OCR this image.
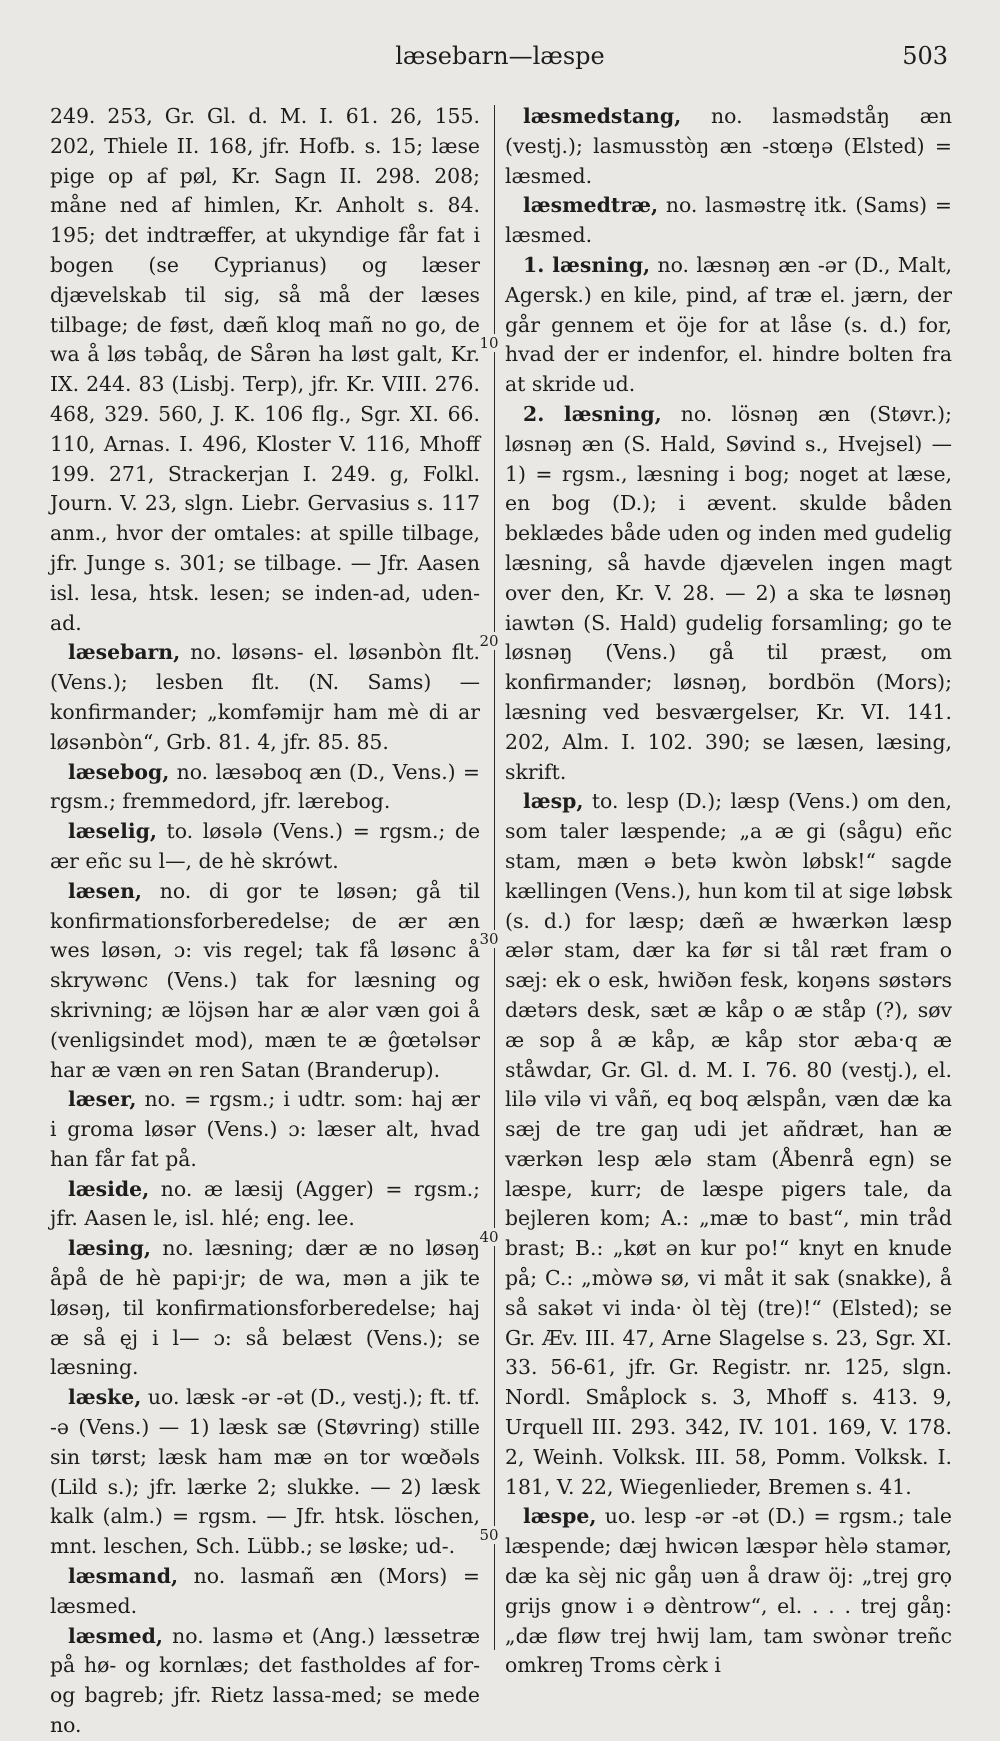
læsebarn—læspe	503
10
20
30
40
50

249. 253, Gr. Gl. d. M. I. 61. 26, 155. 202, Thiele II. 168, jfr. Hofb. s. 15; læse pige op af pøl, Kr. Sagn II. 298. 208; måne ned af himlen, Kr. Anholt s. 84. 195; det indtræffer, at ukyndige får fat i bogen (se Cyprianus) og læser djævelskab til sig, så må der læses tilbage; de føst, dæñ kloq mañ no go, de wa å løs təbåq, de Sårən ha løst galt, Kr. IX. 244. 83 (Lisbj. Terp), jfr. Kr. VIII. 276. 468, 329. 560, J. K. 106 flg., Sgr. XI. 66. 110, Arnas. I. 496, Kloster V. 116, Mhoff 199. 271, Strackerjan I. 249. g, Folkl. Journ. V. 23, slgn. Liebr. Gervasius s. 117 anm., hvor der omtales: at spille tilbage, jfr. Junge s. 301; se tilbage. — Jfr. Aasen isl. lesa, htsk. lesen; se inden-ad, uden-ad.

læsebarn, no. løsəns- el. løsənbòn flt. (Vens.); lesben flt. (N. Sams) — konfirmander; „komfəmijr ham mè di ar løsənbòn“, Grb. 81. 4, jfr. 85. 85.

læsebog, no. læsəboq æn (D., Vens.) = rgsm.; fremmedord, jfr. lærebog.

læselig, to. løsələ (Vens.) = rgsm.; de ær eñc su l—, de hè skrówt.

læsen, no. di gor te løsən; gå til konfirmationsforberedelse; de ær æn wes løsən, ɔ: vis regel; tak få løsənc å skrywənc (Vens.) tak for læsning og skrivning; æ löjsən har æ alər væn goi å (venligsindet mod), mæn te æ ĝœtəlsər har æ væn ən ren Satan (Branderup).

læser, no. = rgsm.; i udtr. som: haj ær i groma løsər (Vens.) ɔ: læser alt, hvad han får fat på.

læside, no. æ læsij (Agger) = rgsm.; jfr. Aasen le, isl. hlé; eng. lee.

læsing, no. læsning; dær æ no løsəŋ åpå de hè papi·jr; de wa, mən a jik te løsəŋ, til konfirmationsforberedelse; haj æ så ęj i l— ɔ: så belæst (Vens.); se læsning.

læske, uo. læsk -ər -ət (D., vestj.); ft. tf. -ə (Vens.) — 1) læsk sæ (Støvring) stille sin tørst; læsk ham mæ ən tor wœðəls (Lild s.); jfr. lærke 2; slukke. — 2) læsk kalk (alm.) = rgsm. — Jfr. htsk. löschen, mnt. leschen, Sch. Lübb.; se løske; ud-.

læsmand, no. lasmañ æn (Mors) = læsmed.

læsmed, no. lasmə et (Ang.) læssetræ på hø- og kornlæs; det fastholdes af for- og bagreb; jfr. Rietz lassa-med; se mede no.

læsmedstang, no. lasmədståŋ æn (vestj.); lasmusstòŋ æn -stœŋə (Elsted) = læsmed.

læsmedtræ, no. lasməstrę itk. (Sams) = læsmed.

1. læsning, no. læsnəŋ æn -ər (D., Malt, Agersk.) en kile, pind, af træ el. jærn, der går gennem et öje for at låse (s. d.) for, hvad der er indenfor, el. hindre bolten fra at skride ud.

2. læsning, no. lösnəŋ æn (Støvr.); løsnəŋ æn (S. Hald, Søvind s., Hvejsel) — 1) = rgsm., læsning i bog; noget at læse, en bog (D.); i ævent. skulde båden beklædes både uden og inden med gudelig læsning, så havde djævelen ingen magt over den, Kr. V. 28. — 2) a ska te løsnəŋ iawtən (S. Hald) gudelig forsamling; go te løsnəŋ (Vens.) gå til præst, om konfirmander; løsnəŋ, bordbön (Mors); læsning ved besværgelser, Kr. VI. 141. 202, Alm. I. 102. 390; se læsen, læsing, skrift.

læsp, to. lesp (D.); læsp (Vens.) om den, som taler læspende; „a æ gi (sågu) eñc stam, mæn ə betə kwòn løbsk!“ sagde kællingen (Vens.), hun kom til at sige løbsk (s. d.) for læsp; dæñ æ hwærkən læsp ælər stam, dær ka før si tål ræt fram o sæj: ek o esk, hwiðən fesk, koŋəns søstərs dætərs desk, sæt æ kåp o æ ståp (?), søv æ sop å æ kåp, æ kåp stor æba·q æ ståwdar, Gr. Gl. d. M. I. 76. 80 (vestj.), el. lilə vilə vi våñ, eq boq ælspån, væn dæ ka sæj de tre gaŋ udi jet añdræt, han æ værkən lesp ælə stam (Åbenrå egn) se læspe, kurr; de læspe pigers tale, da bejleren kom; A.: „mæ to bast“, min tråd brast; B.: „køt ən kur po!“ knyt en knude på; C.: „mòwə sø, vi måt it sak (snakke), å så sakət vi inda· òl tèj (tre)!“ (Elsted); se Gr. Æv. III. 47, Arne Slagelse s. 23, Sgr. XI. 33. 56-61, jfr. Gr. Registr. nr. 125, slgn. Nordl. Småplock s. 3, Mhoff s. 413. 9, Urquell III. 293. 342, IV. 101. 169, V. 178. 2, Weinh. Volksk. III. 58, Pomm. Volksk. I. 181, V. 22, Wiegenlieder, Bremen s. 41.

læspe, uo. lesp -ər -ət (D.) = rgsm.; tale læspende; dæj hwicən læspər hèlə stamər, dæ ka sèj nic gåŋ uən å draw öj: „trej grọ grijs gnow i ə dèntrow“, el. . . . trej gåŋ: „dæ fløw trej hwij lam, tam swònər treñc omkreŋ Troms cèrk i
